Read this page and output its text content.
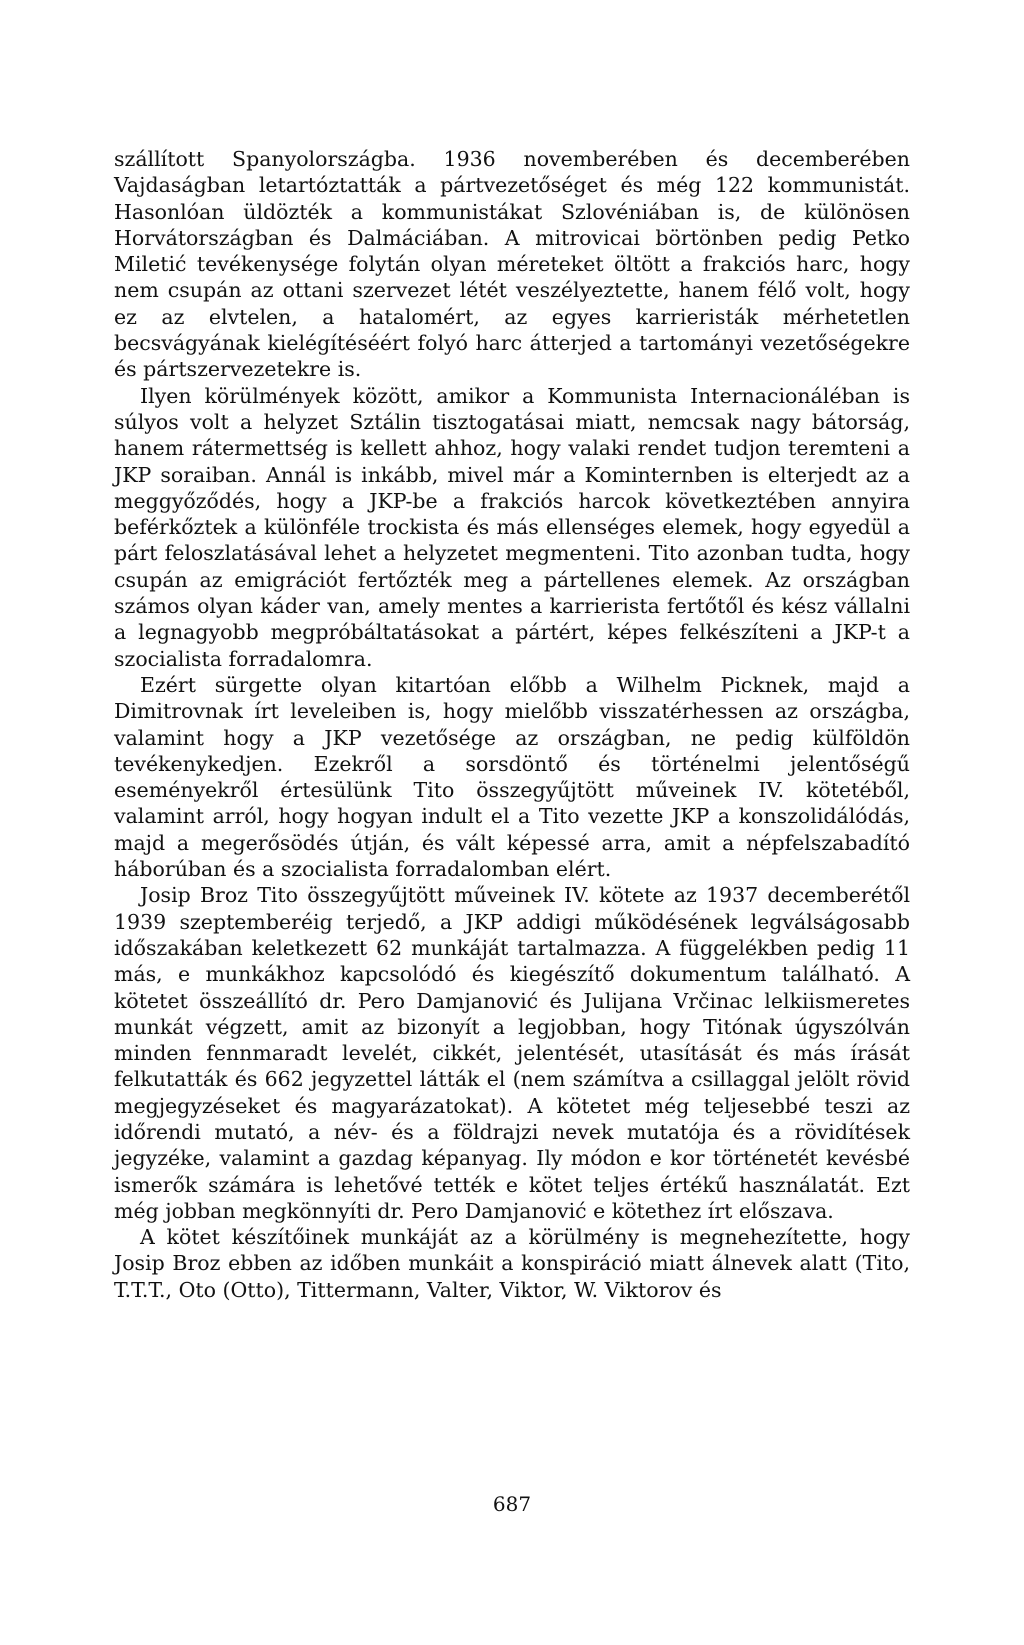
szállított Spanyolországba. 1936 novemberében és decemberében Vajdaságban letartóztatták a pártvezetőséget és még 122 kommunistát. Hasonlóan üldözték a kommunistákat Szlovéniában is, de különösen Horvátországban és Dalmáciában. A mitrovicai börtönben pedig Petko Miletić tevékenysége folytán olyan méreteket öltött a frakciós harc, hogy nem csupán az ottani szervezet létét veszélyeztette, hanem félő volt, hogy ez az elvtelen, a hatalomért, az egyes karrieristák mérhetetlen becsvágyának kielégítéséért folyó harc átterjed a tartományi vezetőségekre és pártszervezetekre is.

Ilyen körülmények között, amikor a Kommunista Internacionáléban is súlyos volt a helyzet Sztálin tisztogatásai miatt, nemcsak nagy bátorság, hanem rátermettség is kellett ahhoz, hogy valaki rendet tudjon teremteni a JKP soraiban. Annál is inkább, mivel már a Kominternben is elterjedt az a meggyőződés, hogy a JKP-be a frakciós harcok következtében annyira beférkőztek a különféle trockista és más ellenséges elemek, hogy egyedül a párt feloszlatásával lehet a helyzetet megmenteni. Tito azonban tudta, hogy csupán az emigrációt fertőzték meg a pártellenes elemek. Az országban számos olyan káder van, amely mentes a karrierista fertőtől és kész vállalni a legnagyobb megpróbáltatásokat a pártért, képes felkészíteni a JKP-t a szocialista forradalomra.

Ezért sürgette olyan kitartóan előbb a Wilhelm Picknek, majd a Dimitrovnak írt leveleiben is, hogy mielőbb visszatérhessen az országba, valamint hogy a JKP vezetősége az országban, ne pedig külföldön tevékenykedjen. Ezekről a sorsdöntő és történelmi jelentőségű eseményekről értesülünk Tito összegyűjtött műveinek IV. kötetéből, valamint arról, hogy hogyan indult el a Tito vezette JKP a konszolidálódás, majd a megerősödés útján, és vált képessé arra, amit a népfelszabadító háborúban és a szocialista forradalomban elért.

Josip Broz Tito összegyűjtött műveinek IV. kötete az 1937 decemberétől 1939 szeptemberéig terjedő, a JKP addigi működésének legválságosabb időszakában keletkezett 62 munkáját tartalmazza. A függelékben pedig 11 más, e munkákhoz kapcsolódó és kiegészítő dokumentum található. A kötetet összeállító dr. Pero Damjanović és Julijana Vrčinac lelkiismeretes munkát végzett, amit az bizonyít a legjobban, hogy Titónak úgyszólván minden fennmaradt levelét, cikkét, jelentését, utasítását és más írását felkutatták és 662 jegyzettel látták el (nem számítva a csillaggal jelölt rövid megjegyzéseket és magyarázatokat). A kötetet még teljesebbé teszi az időrendi mutató, a név- és a földrajzi nevek mutatója és a rövidítések jegyzéke, valamint a gazdag képanyag. Ily módon e kor történetét kevésbé ismerők számára is lehetővé tették e kötet teljes értékű használatát. Ezt még jobban megkönnyíti dr. Pero Damjanović e kötethez írt előszava.

A kötet készítőinek munkáját az a körülmény is megnehezítette, hogy Josip Broz ebben az időben munkáit a konspiráció miatt álnevek alatt (Tito, T.T.T., Oto (Otto), Tittermann, Valter, Viktor, W. Viktorov és

687
